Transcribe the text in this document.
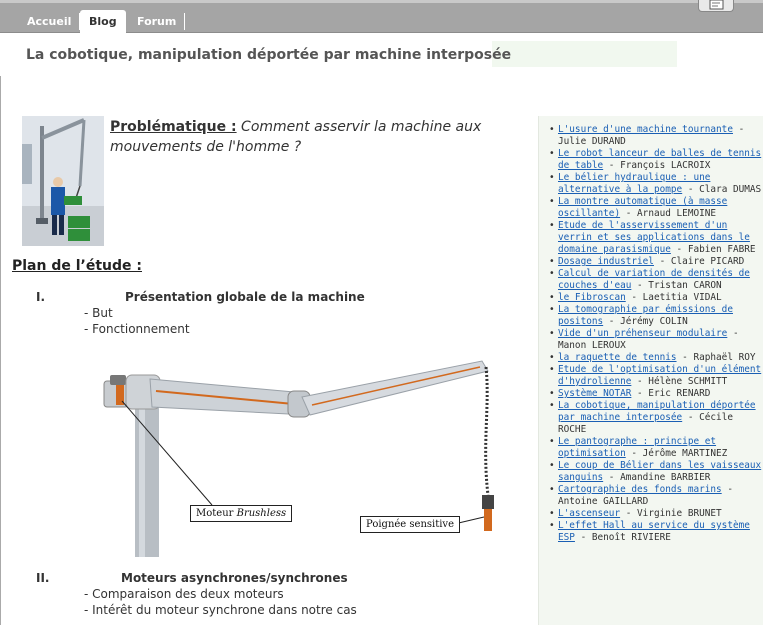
Accueil	Blog	Forum
La cobotique, manipulation déportée par machine interposée
Problématique : Comment asservir la machine aux mouvements de l'homme ?
Plan de l’étude :
I.	Présentation globale de la machine
- But
- Fonctionnement
Moteur Brushless
Poignée sensitive
II.	Moteurs asynchrones/synchrones
- Comparaison des deux moteurs
- Intérêt du moteur synchrone dans notre cas
• L'usure d'une machine tournante - Julie DURAND
• Le robot lanceur de balles de tennis de table - François LACROIX
• Le bélier hydraulique : une alternative à la pompe - Clara DUMAS
• La montre automatique (à masse oscillante) - Arnaud LEMOINE
• Etude de l'asservissement d'un verrin et ses applications dans le domaine parasismique - Fabien FABRE
• Dosage industriel - Claire PICARD
• Calcul de variation de densités de couches d'eau - Tristan CARON
• le Fibroscan - Laetitia VIDAL
• La tomographie par émissions de positons - Jérémy COLIN
• Vide d'un préhenseur modulaire - Manon LEROUX
• la raquette de tennis - Raphaël ROY
• Etude de l'optimisation d'un élément d'hydrolienne - Hélène SCHMITT
• Système NOTAR - Eric RENARD
• La cobotique, manipulation déportée par machine interposée - Cécile ROCHE
• Le pantographe : principe et optimisation - Jérôme MARTINEZ
• Le coup de Bélier dans les vaisseaux sanguins - Amandine BARBIER
• Cartographie des fonds marins - Antoine GAILLARD
• L'ascenseur - Virginie BRUNET
• L'effet Hall au service du système ESP - Benoît RIVIERE
